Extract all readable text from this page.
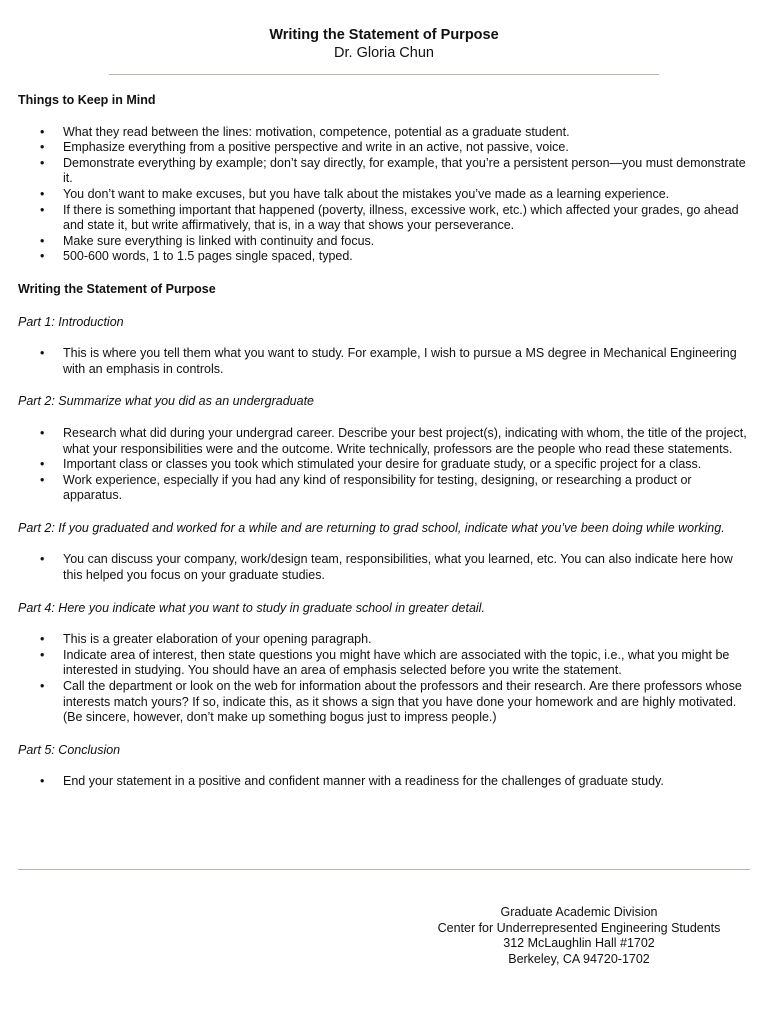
Writing the Statement of Purpose
Dr. Gloria Chun
Things to Keep in Mind
• What they read between the lines: motivation, competence, potential as a graduate student.
• Emphasize everything from a positive perspective and write in an active, not passive, voice.
• Demonstrate everything by example; don’t say directly, for example, that you’re a persistent person—you must demonstrate it.
• You don’t want to make excuses, but you have talk about the mistakes you’ve made as a learning experience.
• If there is something important that happened (poverty, illness, excessive work, etc.) which affected your grades, go ahead and state it, but write affirmatively, that is, in a way that shows your perseverance.
• Make sure everything is linked with continuity and focus.
• 500-600 words, 1 to 1.5 pages single spaced, typed.
Writing the Statement of Purpose
Part 1: Introduction
• This is where you tell them what you want to study. For example, I wish to pursue a MS degree in Mechanical Engineering with an emphasis in controls.
Part 2: Summarize what you did as an undergraduate
• Research what did during your undergrad career. Describe your best project(s), indicating with whom, the title of the project, what your responsibilities were and the outcome. Write technically, professors are the people who read these statements.
• Important class or classes you took which stimulated your desire for graduate study, or a specific project for a class.
• Work experience, especially if you had any kind of responsibility for testing, designing, or researching a product or apparatus.
Part 2: If you graduated and worked for a while and are returning to grad school, indicate what you’ve been doing while working.
• You can discuss your company, work/design team, responsibilities, what you learned, etc. You can also indicate here how this helped you focus on your graduate studies.
Part 4: Here you indicate what you want to study in graduate school in greater detail.
• This is a greater elaboration of your opening paragraph.
• Indicate area of interest, then state questions you might have which are associated with the topic, i.e., what you might be interested in studying. You should have an area of emphasis selected before you write the statement.
• Call the department or look on the web for information about the professors and their research. Are there professors whose interests match yours? If so, indicate this, as it shows a sign that you have done your homework and are highly motivated. (Be sincere, however, don’t make up something bogus just to impress people.)
Part 5: Conclusion
• End your statement in a positive and confident manner with a readiness for the challenges of graduate study.
Graduate Academic Division
Center for Underrepresented Engineering Students
312 McLaughlin Hall #1702
Berkeley, CA 94720-1702
